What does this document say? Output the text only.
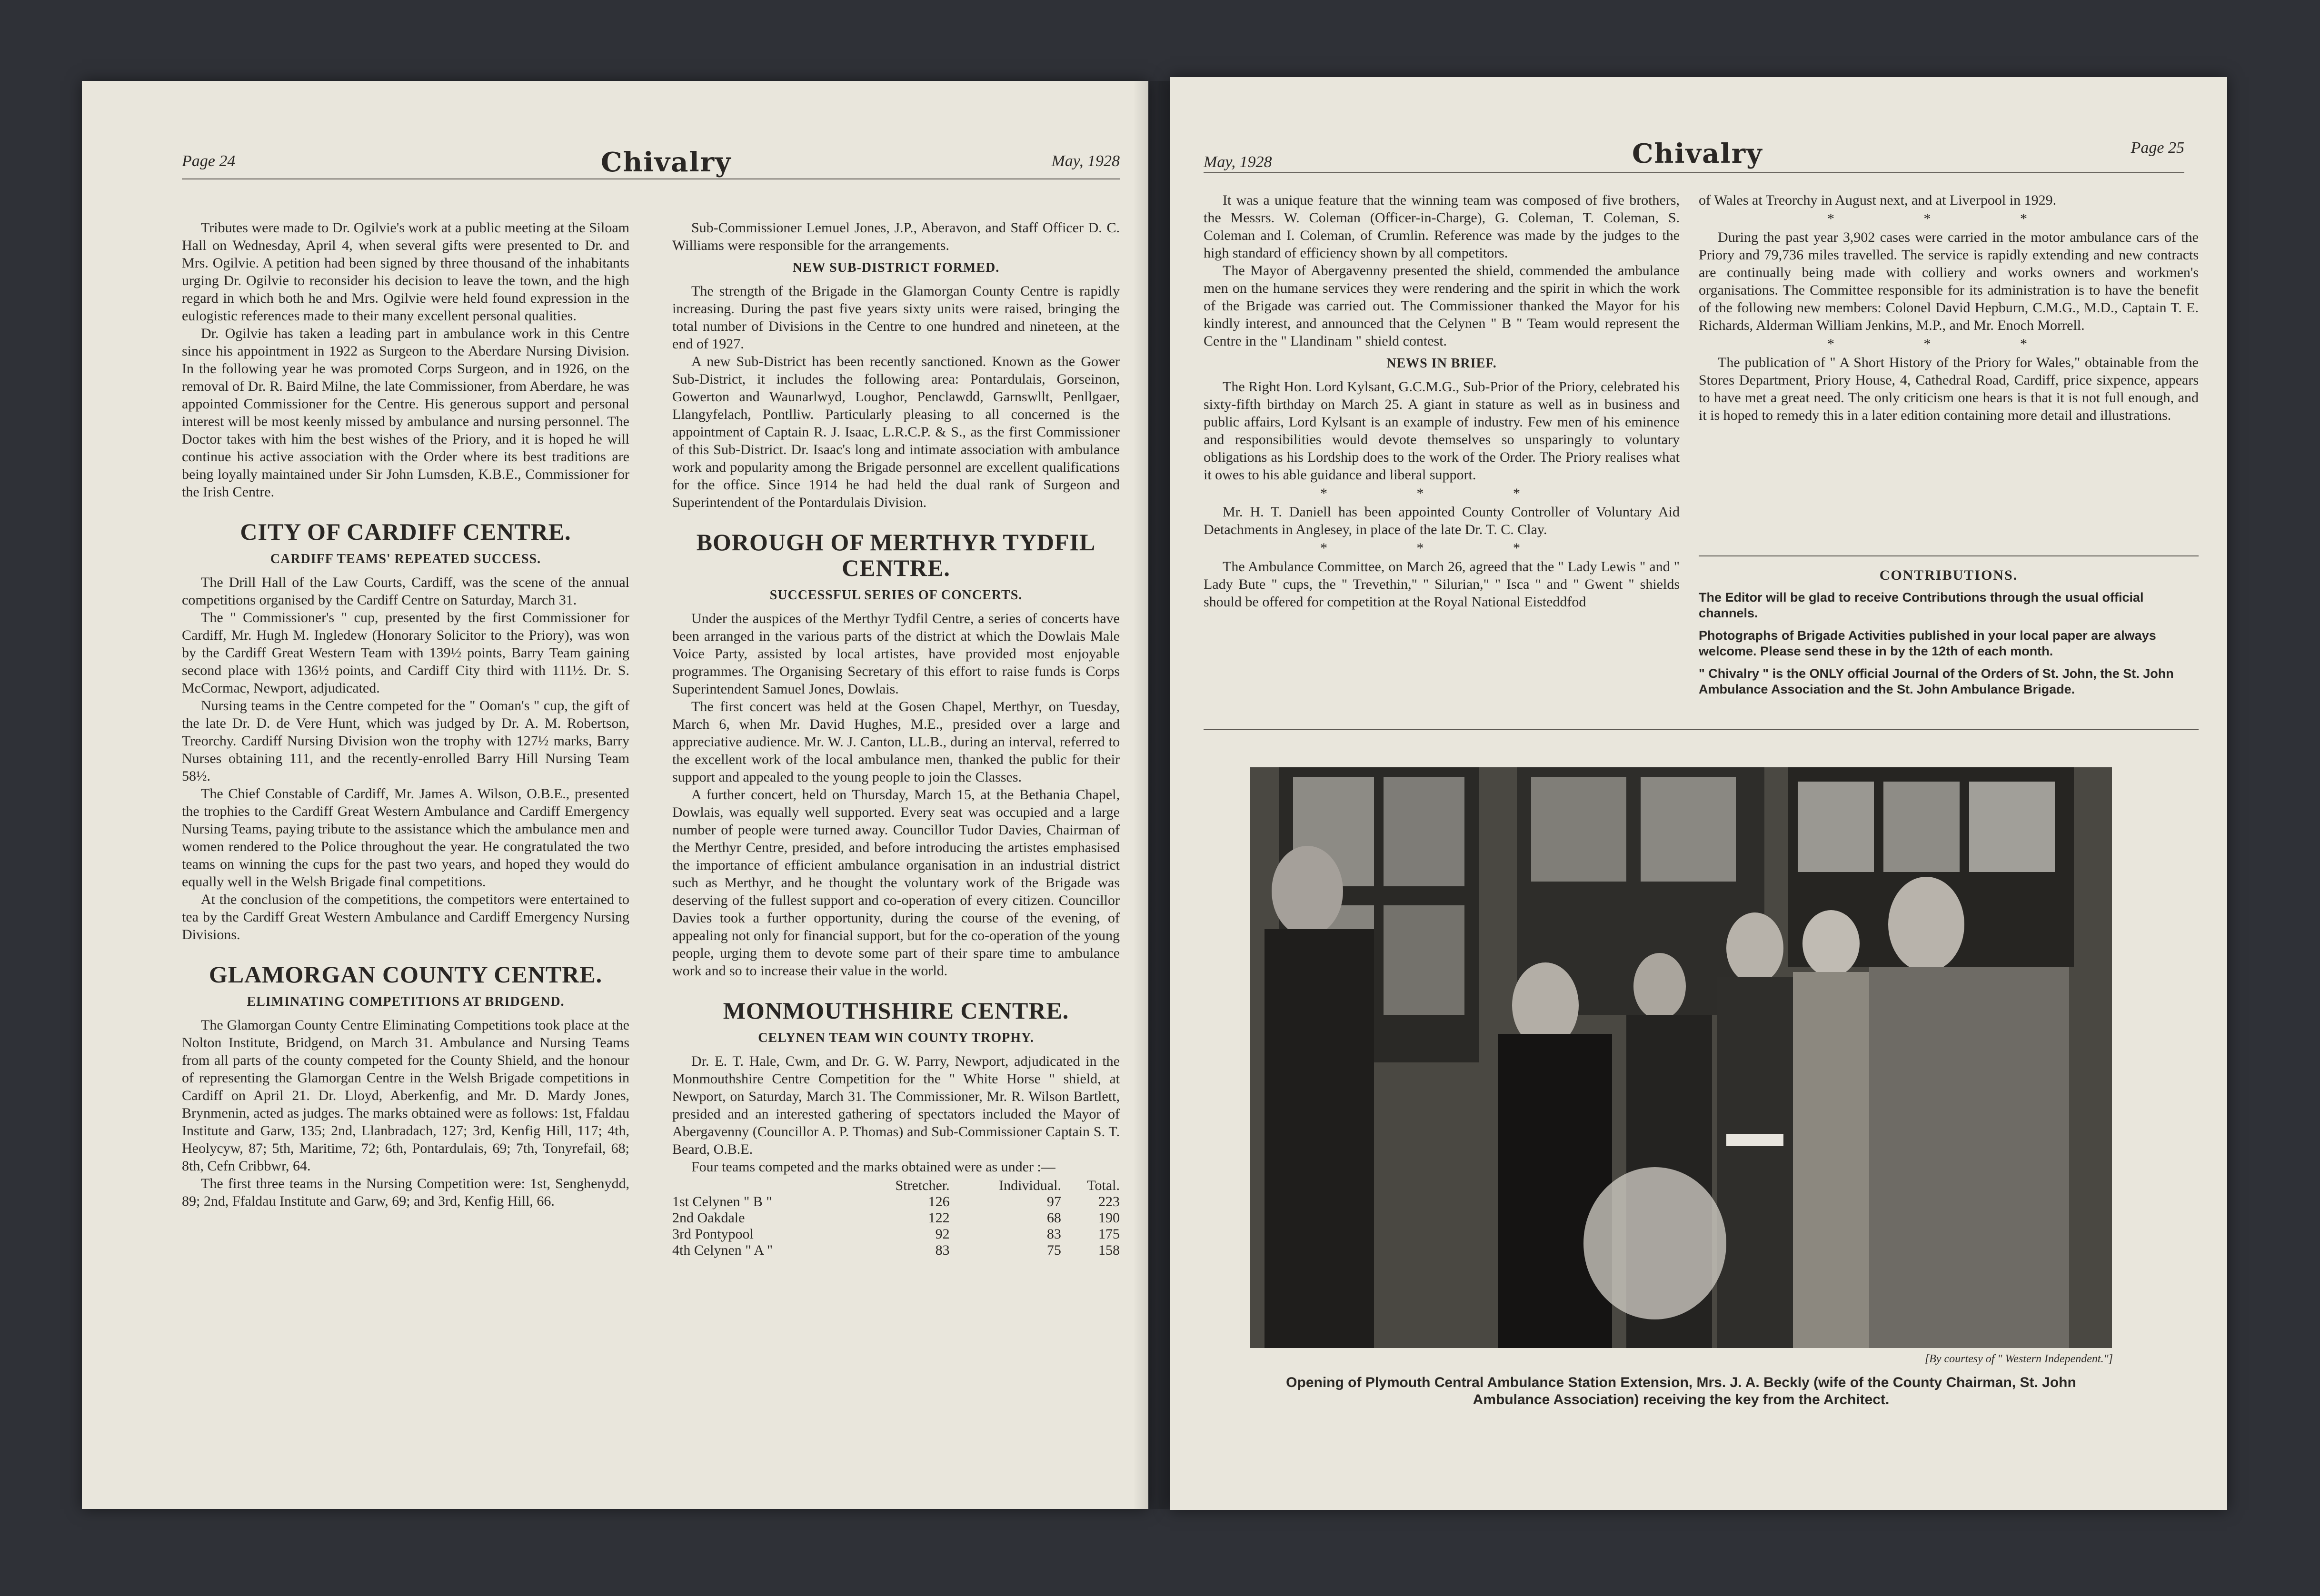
Page 24	Chivalry	May, 1928

Tributes were made to Dr. Ogilvie's work at a public meeting at the Siloam Hall on Wednesday, April 4, when several gifts were presented to Dr. and Mrs. Ogilvie. A petition had been signed by three thousand of the inhabitants urging Dr. Ogilvie to reconsider his decision to leave the town, and the high regard in which both he and Mrs. Ogilvie were held found expression in the eulogistic references made to their many excellent personal qualities.

Dr. Ogilvie has taken a leading part in ambulance work in this Centre since his appointment in 1922 as Surgeon to the Aberdare Nursing Division. In the following year he was promoted Corps Surgeon, and in 1926, on the removal of Dr. R. Baird Milne, the late Commissioner, from Aberdare, he was appointed Commissioner for the Centre. His generous support and personal interest will be most keenly missed by ambulance and nursing personnel. The Doctor takes with him the best wishes of the Priory, and it is hoped he will continue his active association with the Order where its best traditions are being loyally maintained under Sir John Lumsden, K.B.E., Commissioner for the Irish Centre.

CITY OF CARDIFF CENTRE.
CARDIFF TEAMS' REPEATED SUCCESS.

The Drill Hall of the Law Courts, Cardiff, was the scene of the annual competitions organised by the Cardiff Centre on Saturday, March 31.

The " Commissioner's " cup, presented by the first Commissioner for Cardiff, Mr. Hugh M. Ingledew (Honorary Solicitor to the Priory), was won by the Cardiff Great Western Team with 139½ points, Barry Team gaining second place with 136½ points, and Cardiff City third with 111½. Dr. S. McCormac, Newport, adjudicated.

Nursing teams in the Centre competed for the " Ooman's " cup, the gift of the late Dr. D. de Vere Hunt, which was judged by Dr. A. M. Robertson, Treorchy. Cardiff Nursing Division won the trophy with 127½ marks, Barry Nurses obtaining 111, and the recently-enrolled Barry Hill Nursing Team 58½.

The Chief Constable of Cardiff, Mr. James A. Wilson, O.B.E., presented the trophies to the Cardiff Great Western Ambulance and Cardiff Emergency Nursing Teams, paying tribute to the assistance which the ambulance men and women rendered to the Police throughout the year. He congratulated the two teams on winning the cups for the past two years, and hoped they would do equally well in the Welsh Brigade final competitions.

At the conclusion of the competitions, the competitors were entertained to tea by the Cardiff Great Western Ambulance and Cardiff Emergency Nursing Divisions.

GLAMORGAN COUNTY CENTRE.
ELIMINATING COMPETITIONS AT BRIDGEND.

The Glamorgan County Centre Eliminating Competitions took place at the Nolton Institute, Bridgend, on March 31. Ambulance and Nursing Teams from all parts of the county competed for the County Shield, and the honour of representing the Glamorgan Centre in the Welsh Brigade competitions in Cardiff on April 21. Dr. Lloyd, Aberkenfig, and Mr. D. Mardy Jones, Brynmenin, acted as judges. The marks obtained were as follows: 1st, Ffaldau Institute and Garw, 135; 2nd, Llanbradach, 127; 3rd, Kenfig Hill, 117; 4th, Heolycyw, 87; 5th, Maritime, 72; 6th, Pontardulais, 69; 7th, Tonyrefail, 68; 8th, Cefn Cribbwr, 64.

The first three teams in the Nursing Competition were: 1st, Senghenydd, 89; 2nd, Ffaldau Institute and Garw, 69; and 3rd, Kenfig Hill, 66.

Sub-Commissioner Lemuel Jones, J.P., Aberavon, and Staff Officer D. C. Williams were responsible for the arrangements.

NEW SUB-DISTRICT FORMED.

The strength of the Brigade in the Glamorgan County Centre is rapidly increasing. During the past five years sixty units were raised, bringing the total number of Divisions in the Centre to one hundred and nineteen, at the end of 1927.

A new Sub-District has been recently sanctioned. Known as the Gower Sub-District, it includes the following area: Pontardulais, Gorseinon, Gowerton and Waunarlwyd, Loughor, Penclawdd, Garnswllt, Penllgaer, Llangyfelach, Pontlliw. Particularly pleasing to all concerned is the appointment of Captain R. J. Isaac, L.R.C.P. & S., as the first Commissioner of this Sub-District. Dr. Isaac's long and intimate association with ambulance work and popularity among the Brigade personnel are excellent qualifications for the office. Since 1914 he had held the dual rank of Surgeon and Superintendent of the Pontardulais Division.

BOROUGH OF MERTHYR TYDFIL CENTRE.
SUCCESSFUL SERIES OF CONCERTS.

Under the auspices of the Merthyr Tydfil Centre, a series of concerts have been arranged in the various parts of the district at which the Dowlais Male Voice Party, assisted by local artistes, have provided most enjoyable programmes. The Organising Secretary of this effort to raise funds is Corps Superintendent Samuel Jones, Dowlais.

The first concert was held at the Gosen Chapel, Merthyr, on Tuesday, March 6, when Mr. David Hughes, M.E., presided over a large and appreciative audience. Mr. W. J. Canton, LL.B., during an interval, referred to the excellent work of the local ambulance men, thanked the public for their support and appealed to the young people to join the Classes.

A further concert, held on Thursday, March 15, at the Bethania Chapel, Dowlais, was equally well supported. Every seat was occupied and a large number of people were turned away. Councillor Tudor Davies, Chairman of the Merthyr Centre, presided, and before introducing the artistes emphasised the importance of efficient ambulance organisation in an industrial district such as Merthyr, and he thought the voluntary work of the Brigade was deserving of the fullest support and co-operation of every citizen. Councillor Davies took a further opportunity, during the course of the evening, of appealing not only for financial support, but for the co-operation of the young people, urging them to devote some part of their spare time to ambulance work and so to increase their value in the world.

MONMOUTHSHIRE CENTRE.
CELYNEN TEAM WIN COUNTY TROPHY.

Dr. E. T. Hale, Cwm, and Dr. G. W. Parry, Newport, adjudicated in the Monmouthshire Centre Competition for the " White Horse " shield, at Newport, on Saturday, March 31. The Commissioner, Mr. R. Wilson Bartlett, presided and an interested gathering of spectators included the Mayor of Abergavenny (Councillor A. P. Thomas) and Sub-Commissioner Captain S. T. Beard, O.B.E.

Four teams competed and the marks obtained were as under :—

	Stretcher.	Individual.	Total.
1st Celynen " B "	126	97	223
2nd Oakdale	122	68	190
3rd Pontypool	92	83	175
4th Celynen " A "	83	75	158
May, 1928	Chivalry	Page 25

It was a unique feature that the winning team was composed of five brothers, the Messrs. W. Coleman (Officer-in-Charge), G. Coleman, T. Coleman, S. Coleman and I. Coleman, of Crumlin. Reference was made by the judges to the high standard of efficiency shown by all competitors.

The Mayor of Abergavenny presented the shield, commended the ambulance men on the humane services they were rendering and the spirit in which the work of the Brigade was carried out. The Commissioner thanked the Mayor for his kindly interest, and announced that the Celynen " B " Team would represent the Centre in the " Llandinam " shield contest.

NEWS IN BRIEF.

The Right Hon. Lord Kylsant, G.C.M.G., Sub-Prior of the Priory, celebrated his sixty-fifth birthday on March 25. A giant in stature as well as in business and public affairs, Lord Kylsant is an example of industry. Few men of his eminence and responsibilities would devote themselves so unsparingly to voluntary obligations as his Lordship does to the work of the Order. The Priory realises what it owes to his able guidance and liberal support.

* * *

Mr. H. T. Daniell has been appointed County Controller of Voluntary Aid Detachments in Anglesey, in place of the late Dr. T. C. Clay.

* * *

The Ambulance Committee, on March 26, agreed that the " Lady Lewis " and " Lady Bute " cups, the " Trevethin," " Silurian," " Isca " and " Gwent " shields should be offered for competition at the Royal National Eisteddfod

of Wales at Treorchy in August next, and at Liverpool in 1929.

* * *

During the past year 3,902 cases were carried in the motor ambulance cars of the Priory and 79,736 miles travelled. The service is rapidly extending and new contracts are continually being made with colliery and works owners and workmen's organisations. The Committee responsible for its administration is to have the benefit of the following new members: Colonel David Hepburn, C.M.G., M.D., Captain T. E. Richards, Alderman William Jenkins, M.P., and Mr. Enoch Morrell.

* * *

The publication of " A Short History of the Priory for Wales," obtainable from the Stores Department, Priory House, 4, Cathedral Road, Cardiff, price sixpence, appears to have met a great need. The only criticism one hears is that it is not full enough, and it is hoped to remedy this in a later edition containing more detail and illustrations.

CONTRIBUTIONS.

The Editor will be glad to receive Contributions through the usual official channels.

Photographs of Brigade Activities published in your local paper are always welcome. Please send these in by the 12th of each month.

" Chivalry " is the ONLY official Journal of the Orders of St. John, the St. John Ambulance Association and the St. John Ambulance Brigade.

[By courtesy of " Western Independent."]
Opening of Plymouth Central Ambulance Station Extension, Mrs. J. A. Beckly (wife of the County Chairman, St. John Ambulance Association) receiving the key from the Architect.
